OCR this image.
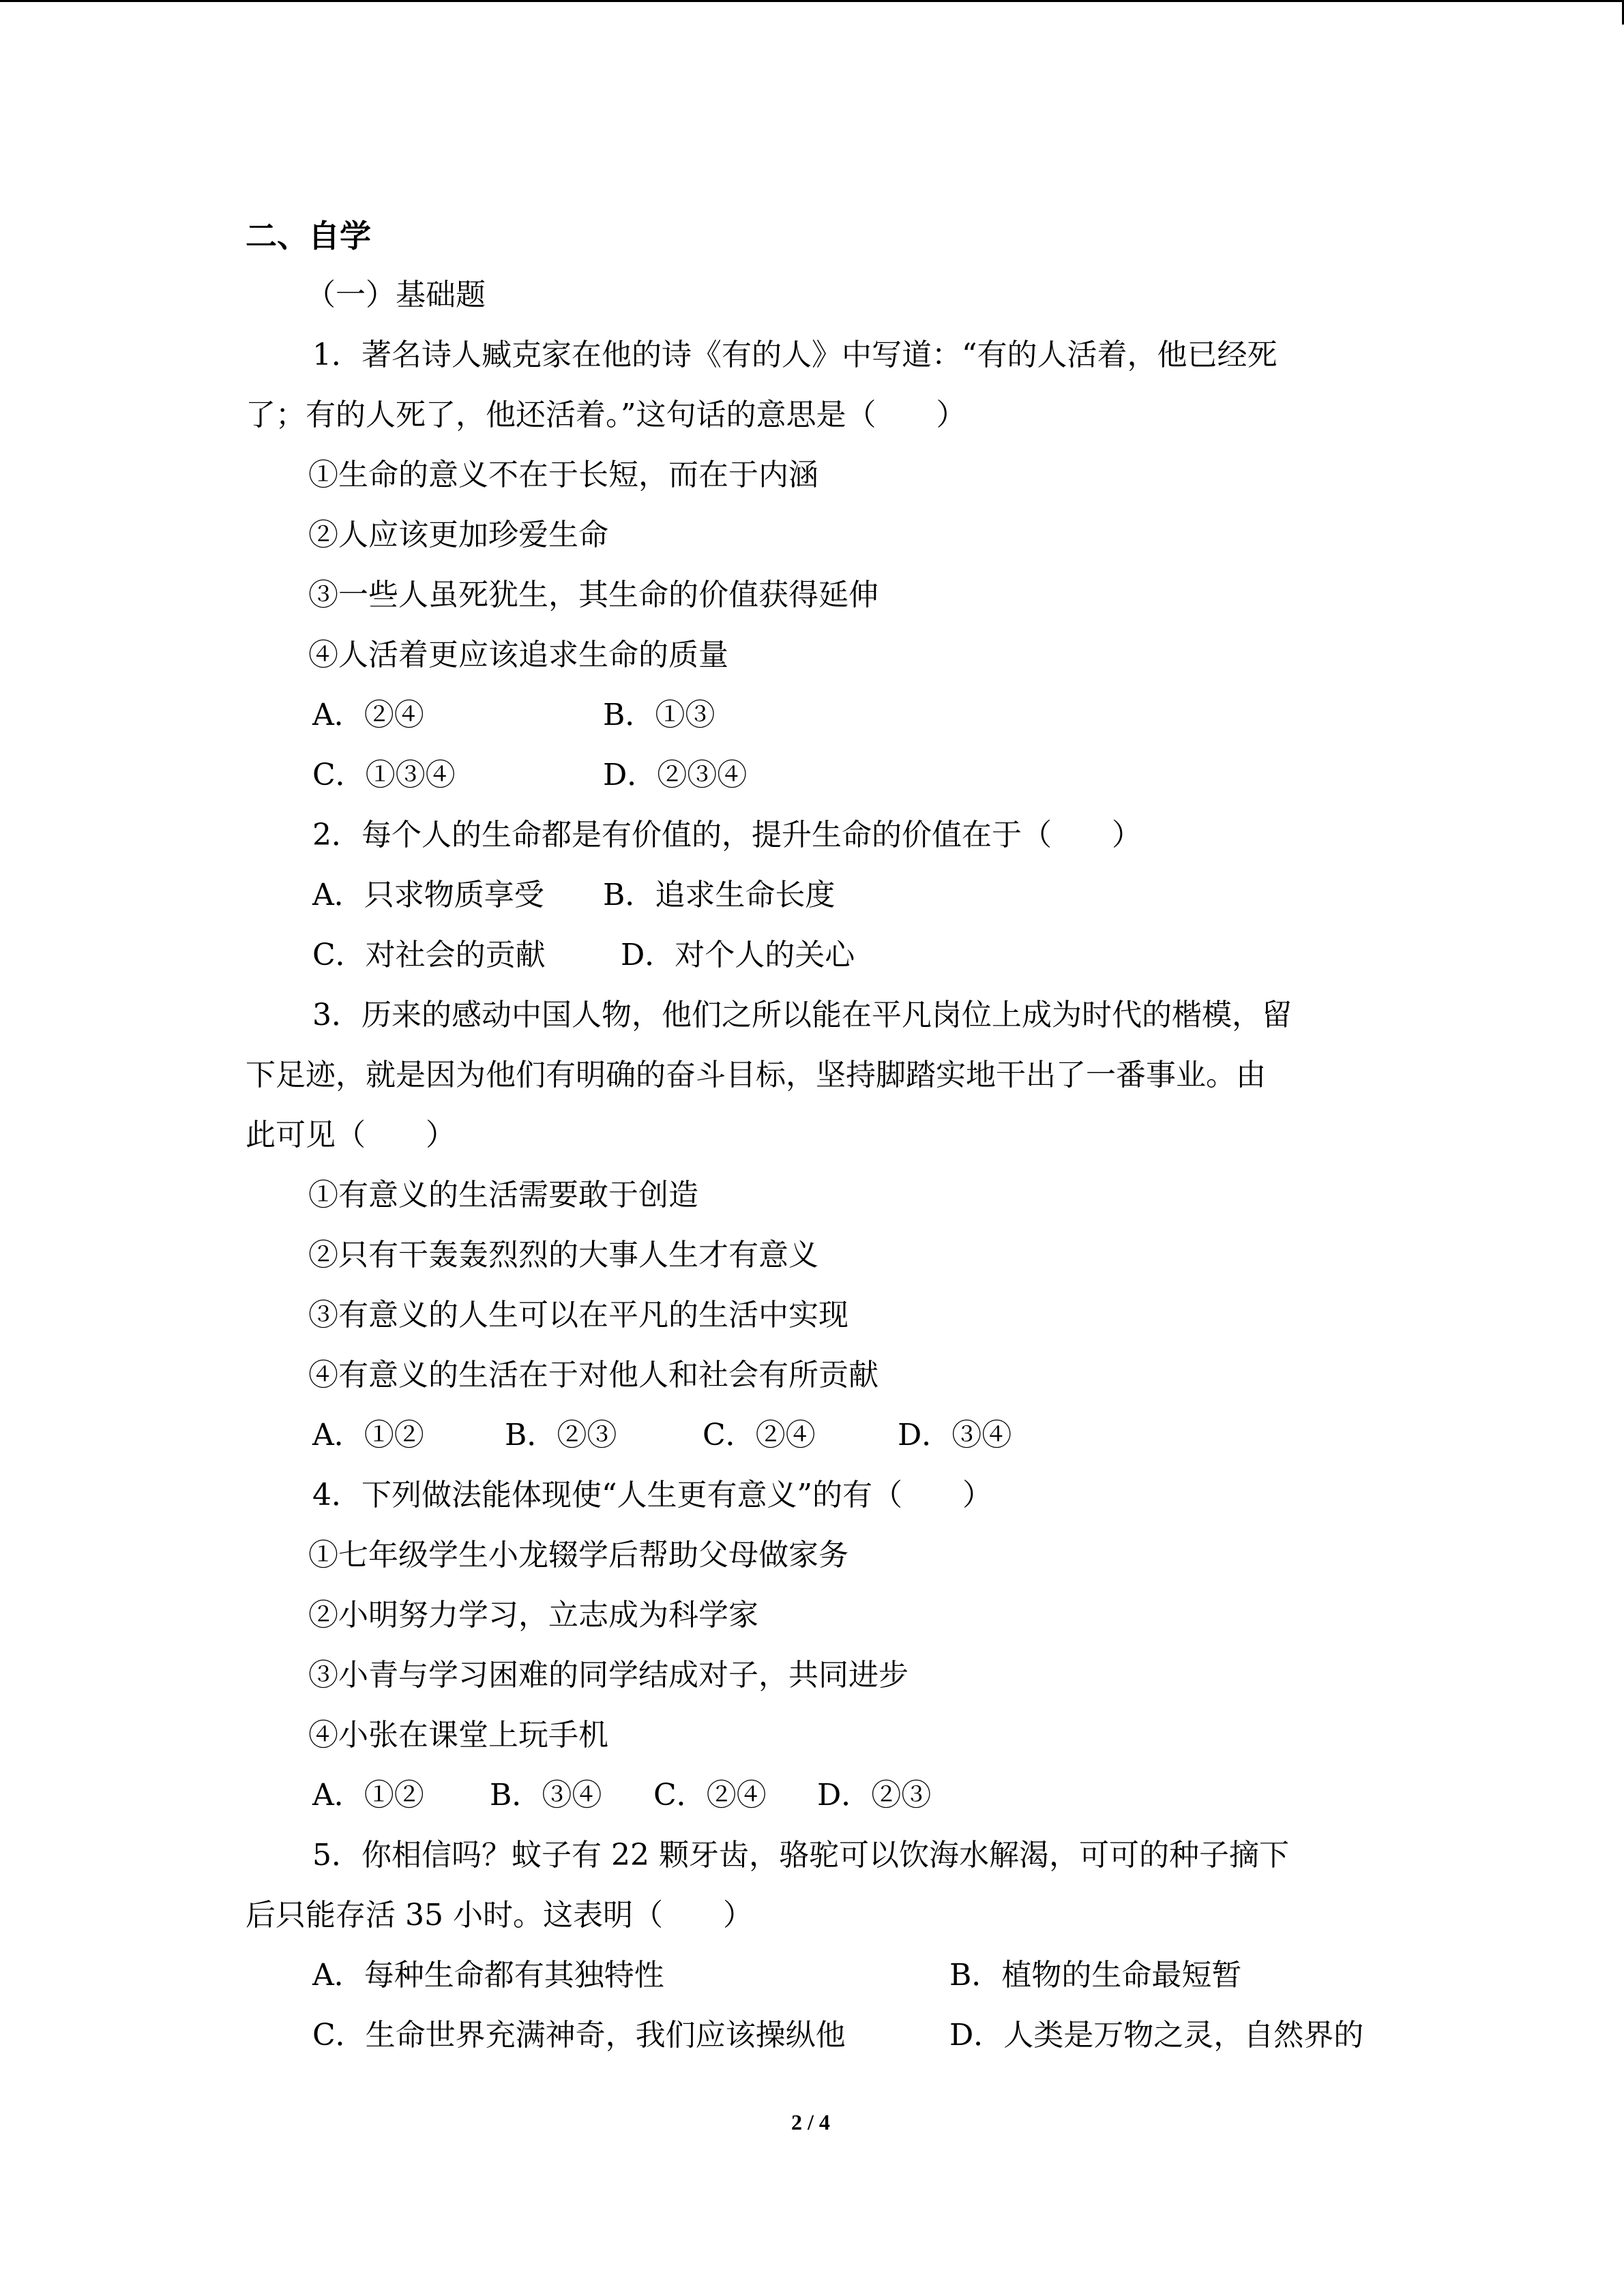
二、自学
（一）基础题
1．著名诗人臧克家在他的诗《有的人》中写道：“有的人活着，他已经死
了；有的人死了，他还活着。”这句话的意思是（　　）
①生命的意义不在于长短，而在于内涵
②人应该更加珍爱生命
③一些人虽死犹生，其生命的价值获得延伸
④人活着更应该追求生命的质量
A．②④	B．①③
C．①③④	D．②③④
2．每个人的生命都是有价值的，提升生命的价值在于（　　）
A．只求物质享受 B．追求生命长度
C．对社会的贡献	D．对个人的关心
3．历来的感动中国人物，他们之所以能在平凡岗位上成为时代的楷模，留
下足迹，就是因为他们有明确的奋斗目标，坚持脚踏实地干出了一番事业。由
此可见（　　）
①有意义的生活需要敢于创造
②只有干轰轰烈烈的大事人生才有意义
③有意义的人生可以在平凡的生活中实现
④有意义的生活在于对他人和社会有所贡献
A．①②	B．②③	C．②④	D．③④
4．下列做法能体现使“人生更有意义”的有（　　）
①七年级学生小龙辍学后帮助父母做家务
②小明努力学习，立志成为科学家
③小青与学习困难的同学结成对子，共同进步
④小张在课堂上玩手机
A．①② B．③④ C．②④ D．②③
5．你相信吗？蚊子有 22 颗牙齿，骆驼可以饮海水解渴，可可的种子摘下
后只能存活 35 小时。这表明（　　）
A．每种生命都有其独特性	B．植物的生命最短暂
C．生命世界充满神奇，我们应该操纵他	D．人类是万物之灵，自然界的
2 / 4
